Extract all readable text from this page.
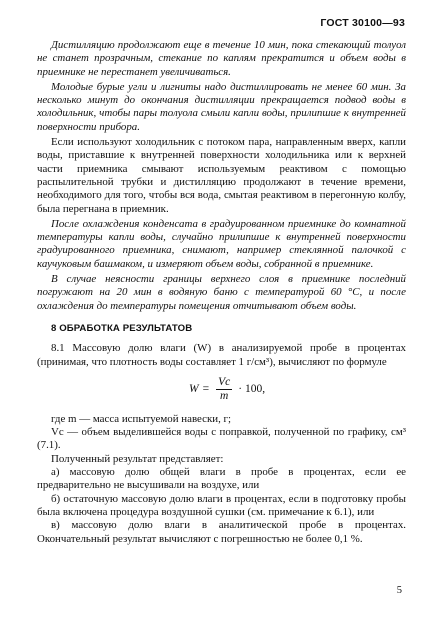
ГОСТ 30100—93

Дистилляцию продолжают еще в течение 10 мин, пока стекающий толуол не станет прозрачным, стекание по каплям прекратится и объем воды в приемнике не перестанет увеличиваться.

Молодые бурые угли и лигниты надо дистиллировать не менее 60 мин. За несколько минут до окончания дистилляции прекращается подвод воды в холодильник, чтобы пары толуола смыли капли воды, прилипшие к внутренней поверхности прибора.

Если используют холодильник с потоком пара, направленным вверх, капли воды, приставшие к внутренней поверхности холодильника или к верхней части приемника смывают используемым реактивом с помощью распылительной трубки и дистилляцию продолжают в течение времени, необходимого для того, чтобы вся вода, смытая реактивом в перегонную колбу, была перегнана в приемник.

После охлаждения конденсата в градуированном приемнике до комнатной температуры капли воды, случайно прилипшие к внутренней поверхности градуированного приемника, снимают, например стеклянной палочкой с каучуковым башмаком, и измеряют объем воды, собранной в приемнике.

В случае неясности границы верхнего слоя в приемнике последний погружают на 20 мин в водяную баню с температурой 60 °С, и после охлаждения до температуры помещения отчитывают объем воды.

8 ОБРАБОТКА РЕЗУЛЬТАТОВ

8.1 Массовую долю влаги (W) в анализируемой пробе в процентах (принимая, что плотность воды составляет 1 г/см³), вычисляют по формуле

$W = \frac{Vc}{m} \cdot 100$,

где m — масса испытуемой навески, г;

Vc — объем выделившейся воды с поправкой, полученной по графику, см³ (7.1).

Полученный результат представляет:

а) массовую долю общей влаги в пробе в процентах, если ее предварительно не высушивали на воздухе, или

б) остаточную массовую долю влаги в процентах, если в подготовку пробы была включена процедура воздушной сушки (см. примечание к 6.1), или

в) массовую долю влаги в аналитической пробе в процентах. Окончательный результат вычисляют с погрешностью не более 0,1 %.

5
